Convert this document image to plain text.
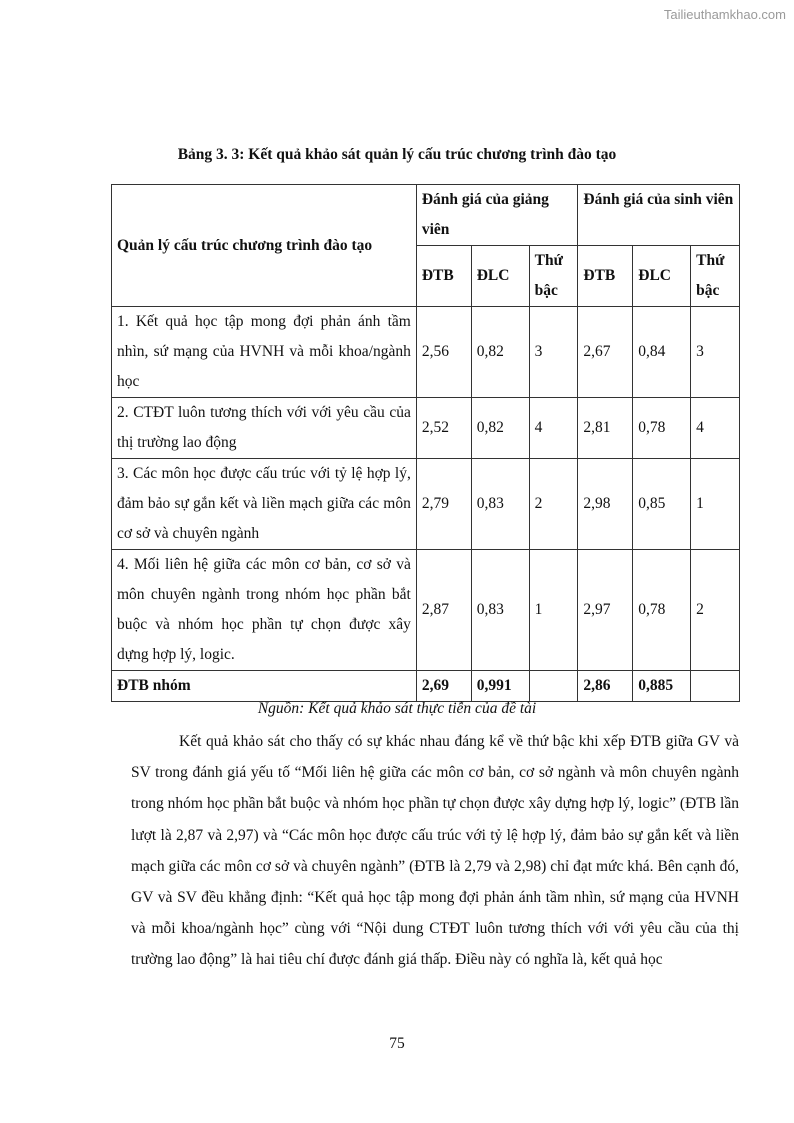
Tailieuthamkhao.com
Bảng 3. 3: Kết quả khảo sát quản lý cấu trúc chương trình đào tạo
Quản lý cấu trúc chương trình đào tạo	Đánh giá của giảng viên			Đánh giá của sinh viên		
	ĐTB	ĐLC	Thứ bậc	ĐTB	ĐLC	Thứ bậc
1. Kết quả học tập mong đợi phản ánh tầm nhìn, sứ mạng của HVNH và mỗi khoa/ngành học	2,56	0,82	3	2,67	0,84	3
2. CTĐT luôn tương thích với với yêu cầu của thị trường lao động	2,52	0,82	4	2,81	0,78	4
3. Các môn học được cấu trúc với tỷ lệ hợp lý, đảm bảo sự gắn kết và liền mạch giữa các môn cơ sở và chuyên ngành	2,79	0,83	2	2,98	0,85	1
4. Mối liên hệ giữa các môn cơ bản, cơ sở và môn chuyên ngành trong nhóm học phần bắt buộc và nhóm học phần tự chọn được xây dựng hợp lý, logic.	2,87	0,83	1	2,97	0,78	2
ĐTB nhóm	2,69	0,991		2,86	0,885	
Nguồn: Kết quả khảo sát thực tiễn của đề tài

Kết quả khảo sát cho thấy có sự khác nhau đáng kể về thứ bậc khi xếp ĐTB giữa GV và SV trong đánh giá yếu tố “Mối liên hệ giữa các môn cơ bản, cơ sở ngành và môn chuyên ngành trong nhóm học phần bắt buộc và nhóm học phần tự chọn được xây dựng hợp lý, logic” (ĐTB lần lượt là 2,87 và 2,97) và “Các môn học được cấu trúc với tỷ lệ hợp lý, đảm bảo sự gắn kết và liền mạch giữa các môn cơ sở và chuyên ngành” (ĐTB là 2,79 và 2,98) chỉ đạt mức khá. Bên cạnh đó, GV và SV đều khẳng định: “Kết quả học tập mong đợi phản ánh tầm nhìn, sứ mạng của HVNH và mỗi khoa/ngành học” cùng với “Nội dung CTĐT luôn tương thích với với yêu cầu của thị trường lao động” là hai tiêu chí được đánh giá thấp. Điều này có nghĩa là, kết quả học

75
